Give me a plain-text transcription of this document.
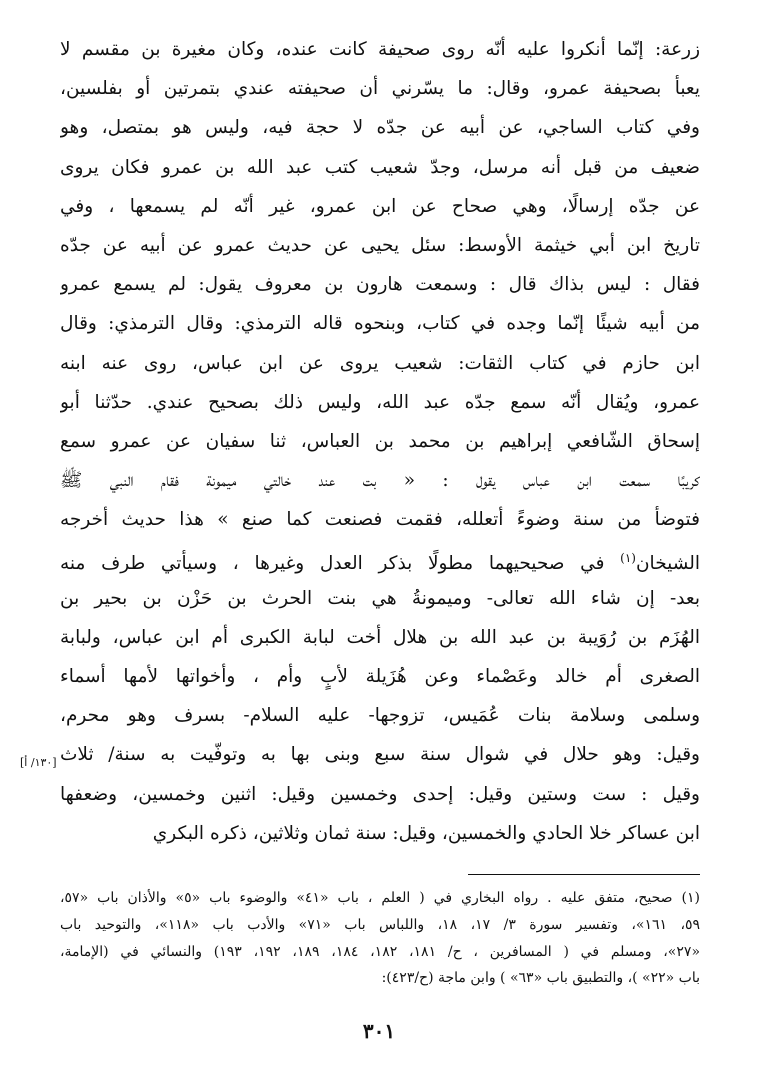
زرعة: إنّما أنكروا عليه أنّه روى صحيفة كانت عنده، وكان مغيرة بن مقسم لا
يعبأ بصحيفة عمرو، وقال: ما يسّرني أن صحيفته عندي بتمرتين أو بفلسين،
وفي كتاب الساجي، عن أبيه عن جدّه لا حجة فيه، وليس هو بمتصل، وهو
ضعيف من قبل أنه مرسل، وجدّ شعيب كتب عبد الله بن عمرو فكان يروى
عن جدّه إرسالًا، وهي صحاح عن ابن عمرو، غير أنّه لم يسمعها ، وفي
تاريخ ابن أبي خيثمة الأوسط: سئل يحيى عن حديث عمرو عن أبيه عن جدّه
فقال : ليس بذاك قال : وسمعت هارون بن معروف يقول: لم يسمع عمرو
من أبيه شيئًا إنّما وجده في كتاب، وبنحوه قاله الترمذي: وقال الترمذي: وقال
ابن حازم في كتاب الثقات: شعيب يروى عن ابن عباس، روى عنه ابنه
عمرو، ويُقال أنّه سمع جدّه عبد الله، وليس ذلك بصحيح عندي. حدّثنا أبو
إسحاق الشّافعي إبراهيم بن محمد بن العباس، ثنا سفيان عن عمرو سمع
كريبًا سمعت ابن عباس يقول : « بت عند خالتي ميمونة فقام النبي ﷺ
فتوضأ من سنة وضوءً أتعلله، فقمت فصنعت كما صنع » هذا حديث أخرجه
الشيخان$^{(١)}$ في صحيحيهما مطولًا بذكر العدل وغيرها ، وسيأتي طرف منه
بعد- إن شاء الله تعالى- وميمونةُ هي بنت الحرث بن حَزْن بن بحير بن
الهُزَم بن رُوَيبة بن عبد الله بن هلال أخت لبابة الكبرى أم ابن عباس، ولبابة
الصغرى أم خالد وعَصْماء وعن هُزَيلة لأبٍ وأم ، وأخواتها لأمها أسماء
وسلمى وسلامة بنات عُمَيس، تزوجها- عليه السلام- بسرف وهو محرم،
وقيل: وهو حلال في شوال سنة سبع وبنى بها به وتوفّيت به سنة/ ثلاث
وقيل : ست وستين وقيل: إحدى وخمسين وقيل: اثنين وخمسين، وضعفها
ابن عساكر خلا الحادي والخمسين، وقيل: سنة ثمان وثلاثين، ذكره البكري
[١٣٠/ أ]
(١) صحيح، متفق عليه . رواه البخاري في ( العلم ، باب «٤١» والوضوء باب «٥» والأذان باب «٥٧،
٥٩، ١٦١»، وتفسير سورة ٣/ ١٧، ١٨، واللباس باب «٧١» والأدب باب «١١٨»، والتوحيد باب
«٢٧»، ومسلم في ( المسافرين ، ح/ ١٨١، ١٨٢، ١٨٤، ١٨٩، ١٩٢، ١٩٣) والنسائي في (الإمامة،
باب «٢٢» )، والتطبيق باب «٦٣» ) وابن ماجة (ح/٤٢٣):
٣٠١
